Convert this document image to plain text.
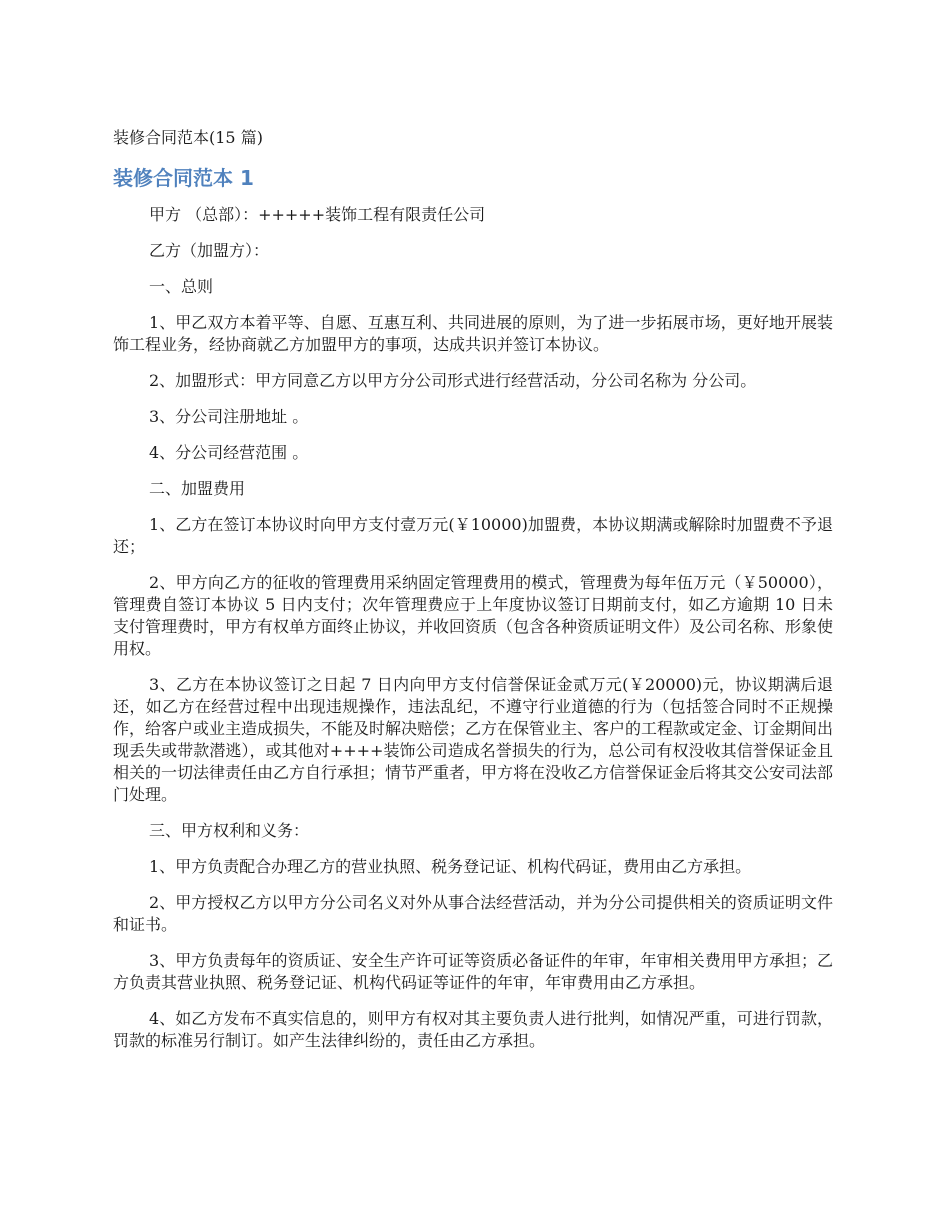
装修合同范本(15 篇)
装修合同范本 1

甲方 （总部）：+++++装饰工程有限责任公司

乙方（加盟方）：

一、总则

1、甲乙双方本着平等、自愿、互惠互利、共同进展的原则，为了进一步拓展市场，更好地开展装饰工程业务，经协商就乙方加盟甲方的事项，达成共识并签订本协议。

2、加盟形式：甲方同意乙方以甲方分公司形式进行经营活动，分公司名称为 分公司。

3、分公司注册地址 。

4、分公司经营范围 。

二、加盟费用

1、乙方在签订本协议时向甲方支付壹万元(￥10000)加盟费，本协议期满或解除时加盟费不予退还；

2、甲方向乙方的征收的管理费用采纳固定管理费用的模式，管理费为每年伍万元（￥50000），管理费自签订本协议 5 日内支付；次年管理费应于上年度协议签订日期前支付，如乙方逾期 10 日未支付管理费时，甲方有权单方面终止协议，并收回资质（包含各种资质证明文件）及公司名称、形象使用权。

3、乙方在本协议签订之日起 7 日内向甲方支付信誉保证金贰万元(￥20000)元，协议期满后退还，如乙方在经营过程中出现违规操作，违法乱纪，不遵守行业道德的行为（包括签合同时不正规操作，给客户或业主造成损失，不能及时解决赔偿；乙方在保管业主、客户的工程款或定金、订金期间出现丢失或带款潜逃），或其他对++++装饰公司造成名誉损失的行为，总公司有权没收其信誉保证金且相关的一切法律责任由乙方自行承担；情节严重者，甲方将在没收乙方信誉保证金后将其交公安司法部门处理。

三、甲方权利和义务：

1、甲方负责配合办理乙方的营业执照、税务登记证、机构代码证，费用由乙方承担。

2、甲方授权乙方以甲方分公司名义对外从事合法经营活动，并为分公司提供相关的资质证明文件和证书。

3、甲方负责每年的资质证、安全生产许可证等资质必备证件的年审，年审相关费用甲方承担；乙方负责其营业执照、税务登记证、机构代码证等证件的年审，年审费用由乙方承担。

4、如乙方发布不真实信息的，则甲方有权对其主要负责人进行批判，如情况严重，可进行罚款，罚款的标准另行制订。如产生法律纠纷的，责任由乙方承担。
